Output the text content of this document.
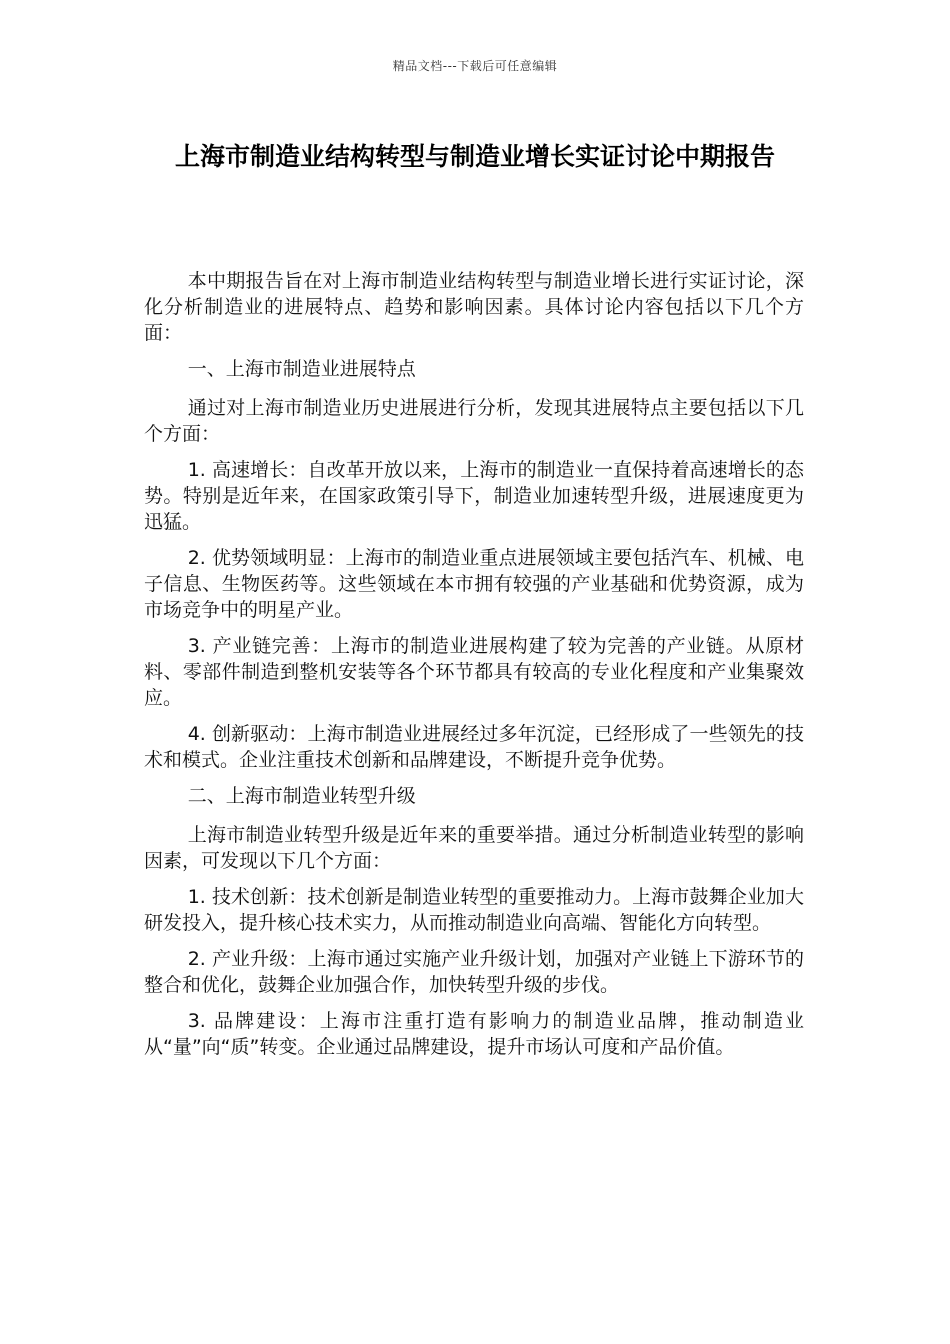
精品文档---下载后可任意编辑
上海市制造业结构转型与制造业增长实证讨论中期报告

本中期报告旨在对上海市制造业结构转型与制造业增长进行实证讨论，深化分析制造业的进展特点、趋势和影响因素。具体讨论内容包括以下几个方面：

一、上海市制造业进展特点

通过对上海市制造业历史进展进行分析，发现其进展特点主要包括以下几个方面：

1. 高速增长：自改革开放以来，上海市的制造业一直保持着高速增长的态势。特别是近年来，在国家政策引导下，制造业加速转型升级，进展速度更为迅猛。

2. 优势领域明显：上海市的制造业重点进展领域主要包括汽车、机械、电子信息、生物医药等。这些领域在本市拥有较强的产业基础和优势资源，成为市场竞争中的明星产业。

3. 产业链完善：上海市的制造业进展构建了较为完善的产业链。从原材料、零部件制造到整机安装等各个环节都具有较高的专业化程度和产业集聚效应。

4. 创新驱动：上海市制造业进展经过多年沉淀，已经形成了一些领先的技术和模式。企业注重技术创新和品牌建设，不断提升竞争优势。

二、上海市制造业转型升级

上海市制造业转型升级是近年来的重要举措。通过分析制造业转型的影响因素，可发现以下几个方面：

1. 技术创新：技术创新是制造业转型的重要推动力。上海市鼓舞企业加大研发投入，提升核心技术实力，从而推动制造业向高端、智能化方向转型。

2. 产业升级：上海市通过实施产业升级计划，加强对产业链上下游环节的整合和优化，鼓舞企业加强合作，加快转型升级的步伐。

3. 品牌建设：上海市注重打造有影响力的制造业品牌，推动制造业从“量”向“质”转变。企业通过品牌建设，提升市场认可度和产品价值。
